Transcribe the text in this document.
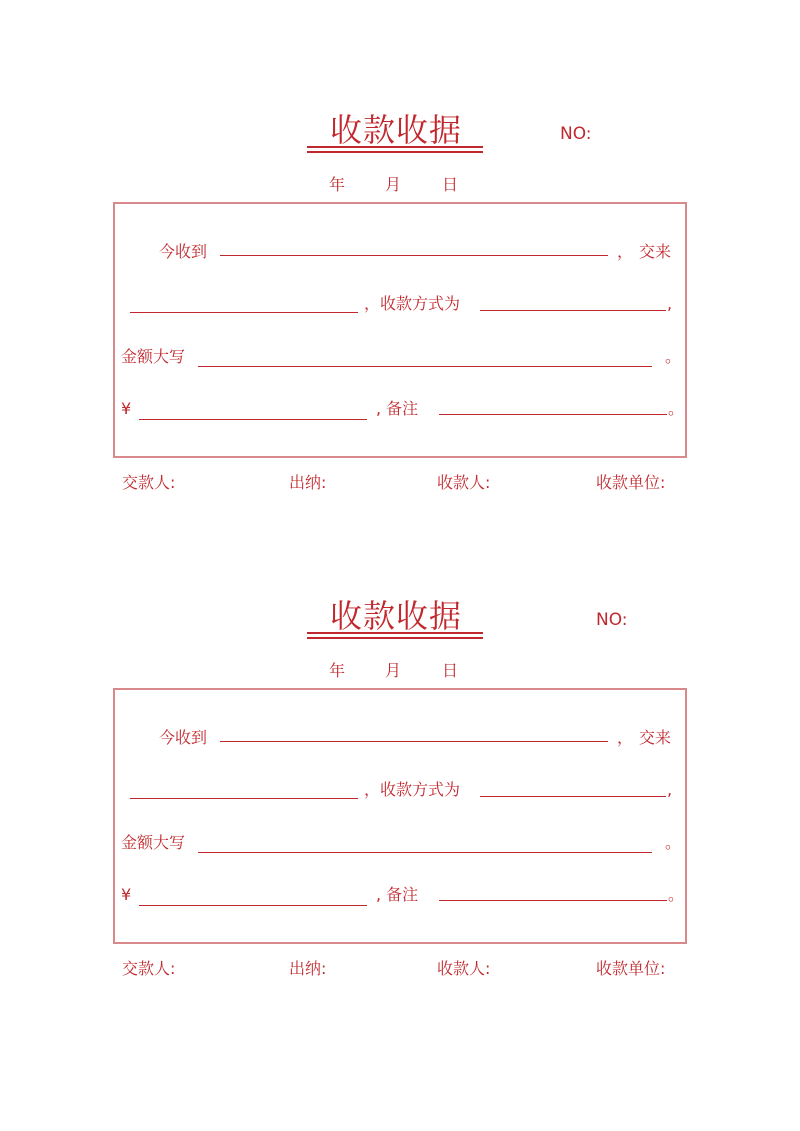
收款收据	NO:
年 月	日
今收到	， 交来
，收款方式为	,
金额大写	。
¥	, 备注	。
交款人:	出纳:	收款人:	收款单位:
收款收据	NO:
年 月	日
今收到	， 交来
，收款方式为	,
金额大写	。
¥	, 备注	。
交款人:	出纳:	收款人:	收款单位:
